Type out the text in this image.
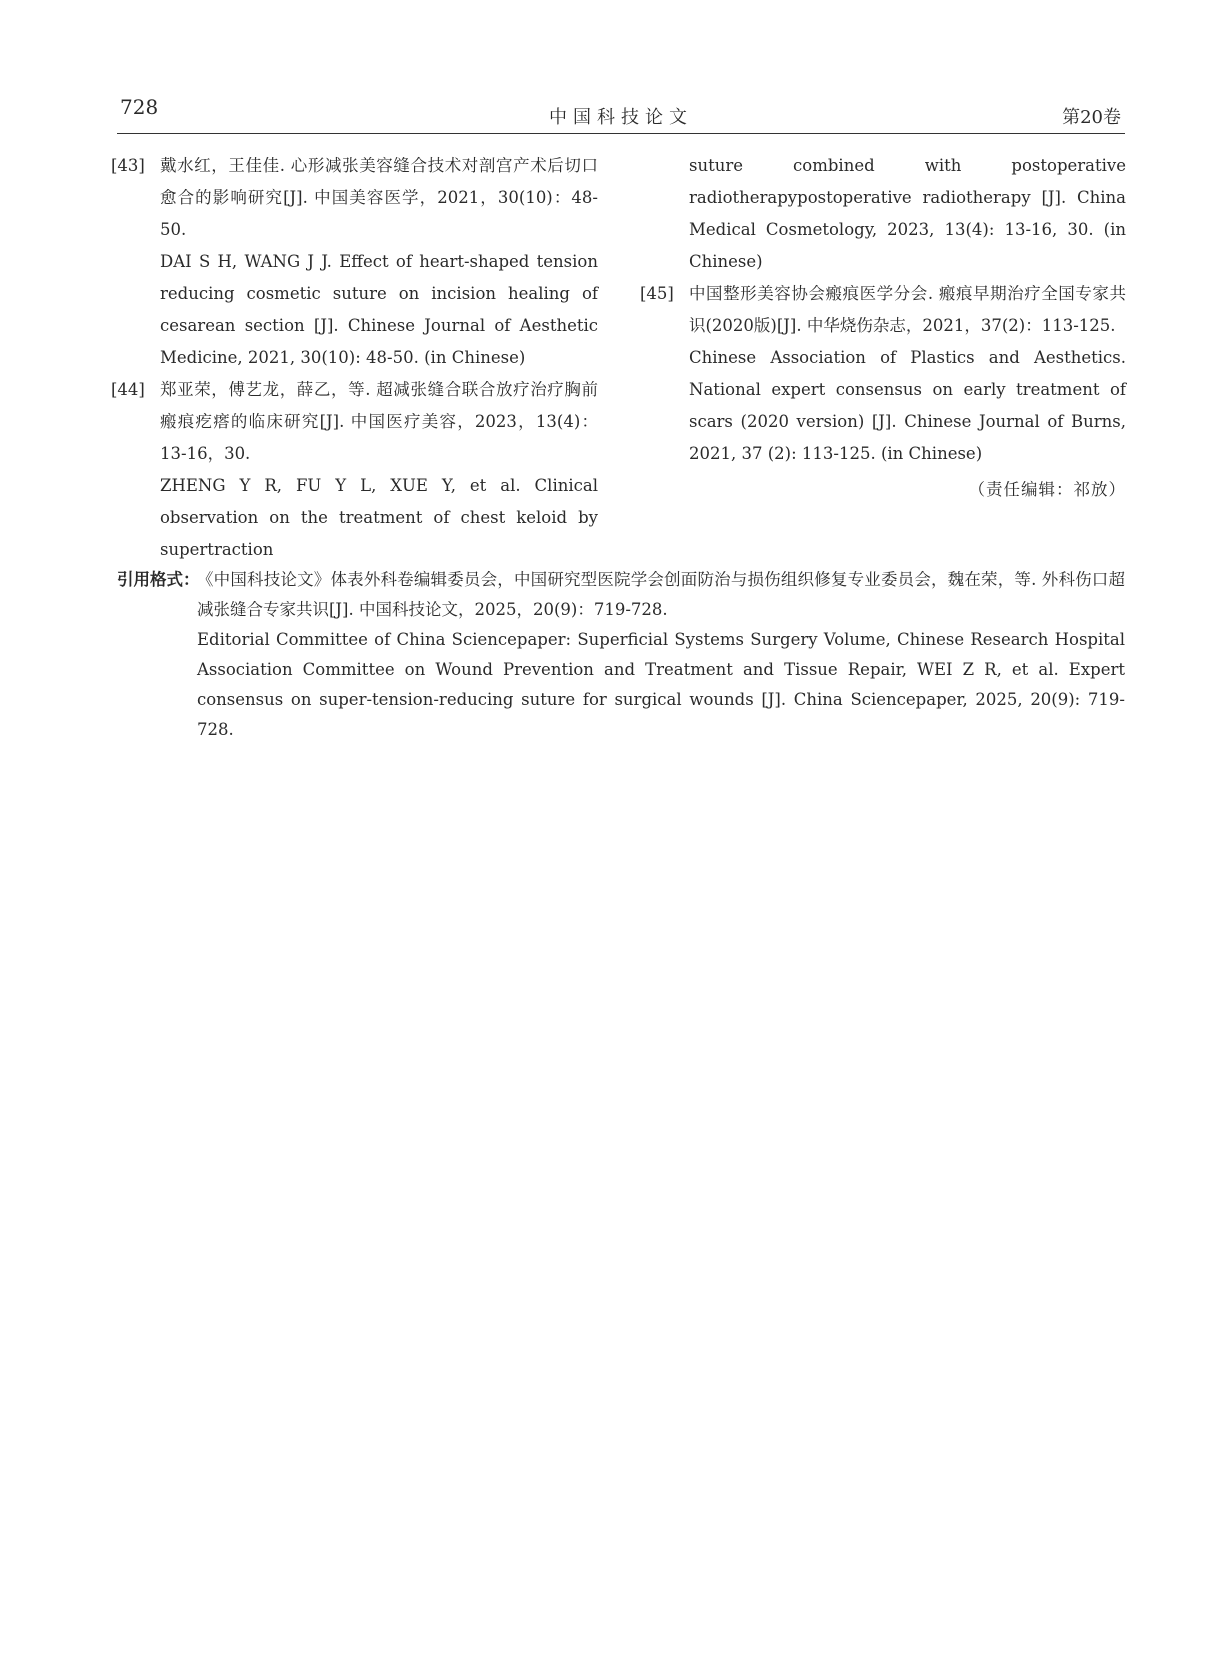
728	中国科技论文	第20卷
[43] 戴水红，王佳佳. 心形减张美容缝合技术对剖宫产术后切口愈合的影响研究[J]. 中国美容医学，2021，30(10)：48-50.

DAI S H, WANG J J. Effect of heart-shaped tension reducing cosmetic suture on incision healing of cesarean section [J]. Chinese Journal of Aesthetic Medicine, 2021, 30(10): 48-50. (in Chinese)

[44] 郑亚荣，傅艺龙，薛乙，等. 超减张缝合联合放疗治疗胸前瘢痕疙瘩的临床研究[J]. 中国医疗美容，2023，13(4)：13-16，30.

ZHENG Y R, FU Y L, XUE Y, et al. Clinical observation on the treatment of chest keloid by supertraction

suture combined with postoperative radiotherapypostoperative radiotherapy [J]. China Medical Cosmetology, 2023, 13(4): 13-16, 30. (in Chinese)

[45] 中国整形美容协会瘢痕医学分会. 瘢痕早期治疗全国专家共识(2020版)[J]. 中华烧伤杂志，2021，37(2)：113-125.

Chinese Association of Plastics and Aesthetics. National expert consensus on early treatment of scars (2020 version) [J]. Chinese Journal of Burns, 2021, 37 (2): 113-125. (in Chinese)

（责任编辑：祁放）
引用格式：

《中国科技论文》体表外科卷编辑委员会，中国研究型医院学会创面防治与损伤组织修复专业委员会，魏在荣，等. 外科伤口超减张缝合专家共识[J]. 中国科技论文，2025，20(9)：719-728.

Editorial Committee of China Sciencepaper: Superficial Systems Surgery Volume, Chinese Research Hospital Association Committee on Wound Prevention and Treatment and Tissue Repair, WEI Z R, et al. Expert consensus on super-tension-reducing suture for surgical wounds [J]. China Sciencepaper, 2025, 20(9): 719-728.
